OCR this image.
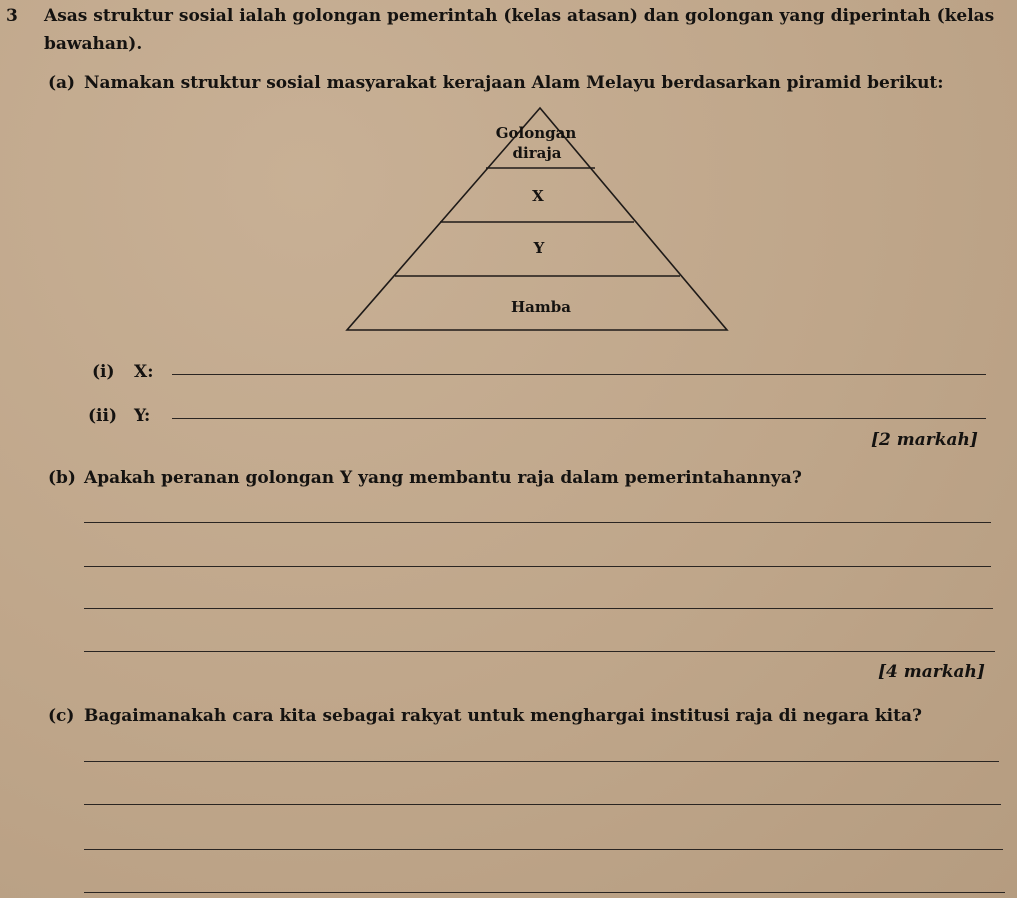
3 Asas struktur sosial ialah golongan pemerintah (kelas atasan) dan golongan yang diperintah (kelas
bawahan).
(a) Namakan struktur sosial masyarakat kerajaan Alam Melayu berdasarkan piramid berikut:
Golongan
diraja
X
Y
Hamba
(i) X:
(ii) Y:
[2 markah]
(b) Apakah peranan golongan Y yang membantu raja dalam pemerintahannya?
[4 markah]
(c) Bagaimanakah cara kita sebagai rakyat untuk menghargai institusi raja di negara kita?
